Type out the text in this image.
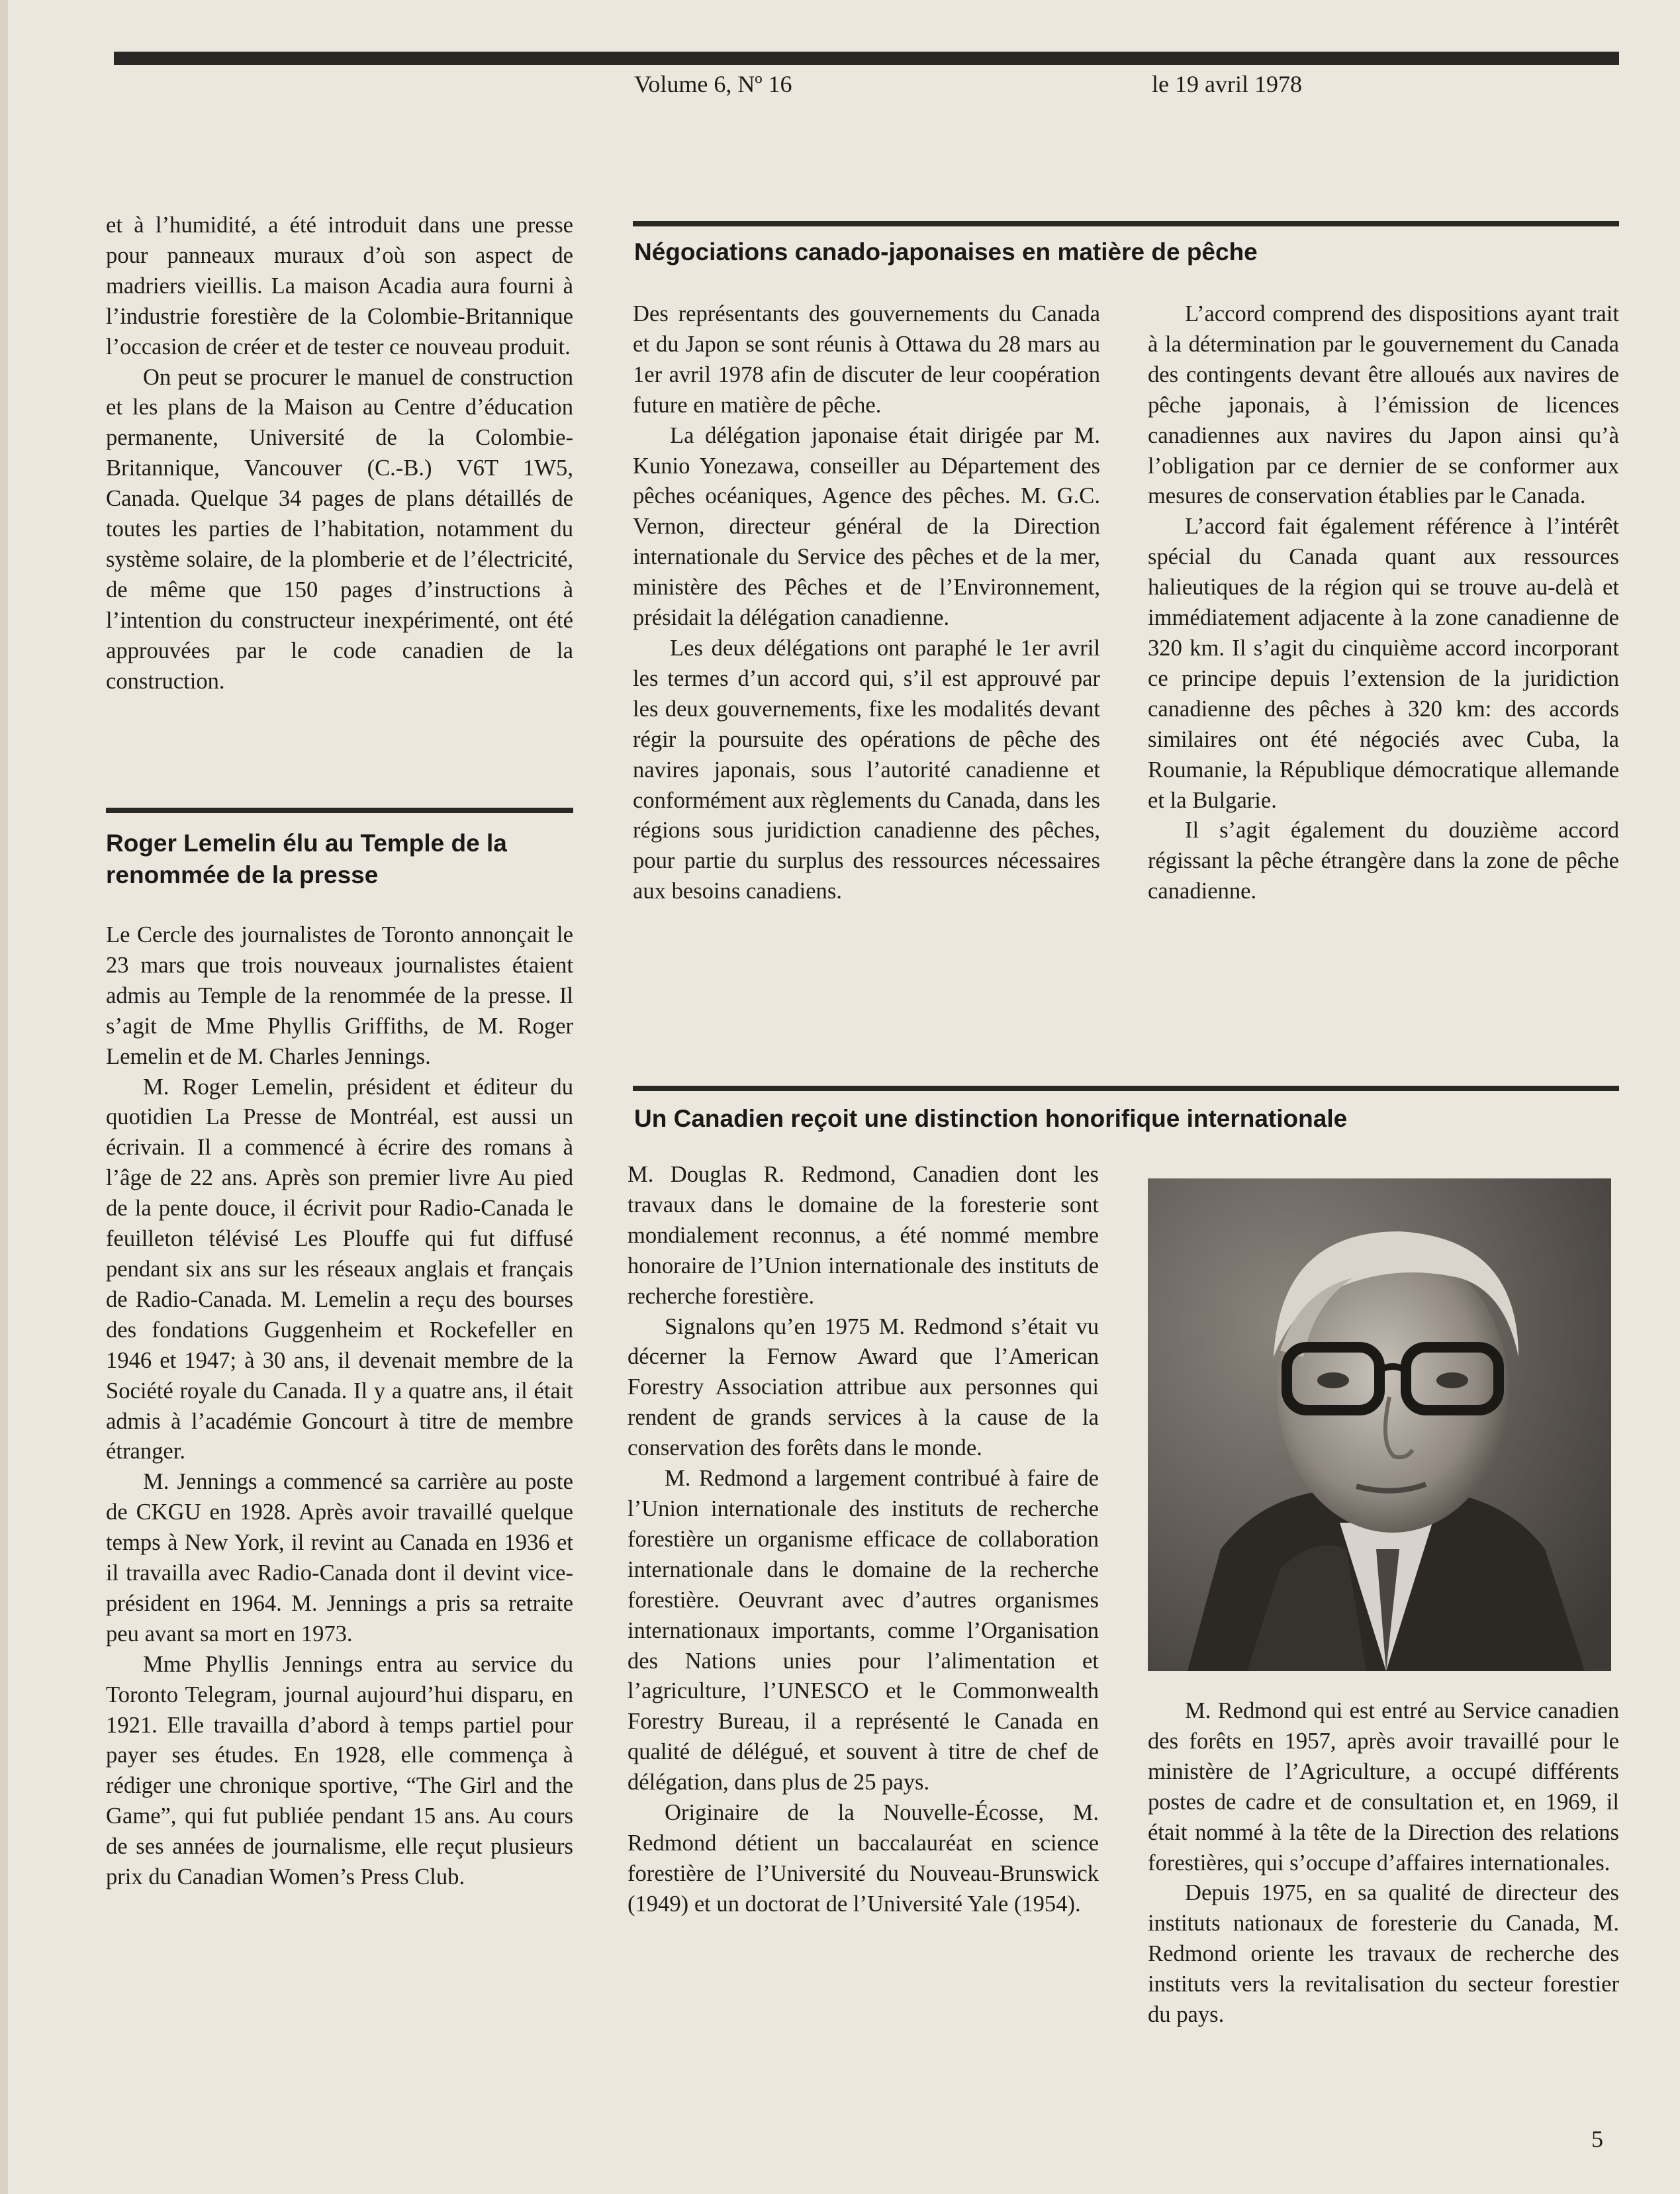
Volume 6, Nº 16	le 19 avril 1978

et à l’humidité, a été introduit dans une presse pour panneaux muraux d’où son aspect de madriers vieillis. La maison Acadia aura fourni à l’industrie forestière de la Colombie-Britannique l’occasion de créer et de tester ce nouveau produit.

On peut se procurer le manuel de construction et les plans de la Maison au Centre d’éducation permanente, Université de la Colombie-Britannique, Vancouver (C.-B.) V6T 1W5, Canada. Quelque 34 pages de plans détaillés de toutes les parties de l’habitation, notamment du système solaire, de la plomberie et de l’électricité, de même que 150 pages d’instructions à l’intention du constructeur inexpérimenté, ont été approuvées par le code canadien de la construction.

Roger Lemelin élu au Temple de la renommée de la presse

Le Cercle des journalistes de Toronto annonçait le 23 mars que trois nouveaux journalistes étaient admis au Temple de la renommée de la presse. Il s’agit de Mme Phyllis Griffiths, de M. Roger Lemelin et de M. Charles Jennings.

M. Roger Lemelin, président et éditeur du quotidien La Presse de Montréal, est aussi un écrivain. Il a commencé à écrire des romans à l’âge de 22 ans. Après son premier livre Au pied de la pente douce, il écrivit pour Radio-Canada le feuilleton télévisé Les Plouffe qui fut diffusé pendant six ans sur les réseaux anglais et français de Radio-Canada. M. Lemelin a reçu des bourses des fondations Guggenheim et Rockefeller en 1946 et 1947; à 30 ans, il devenait membre de la Société royale du Canada. Il y a quatre ans, il était admis à l’académie Goncourt à titre de membre étranger.

M. Jennings a commencé sa carrière au poste de CKGU en 1928. Après avoir travaillé quelque temps à New York, il revint au Canada en 1936 et il travailla avec Radio-Canada dont il devint vice-président en 1964. M. Jennings a pris sa retraite peu avant sa mort en 1973.

Mme Phyllis Jennings entra au service du Toronto Telegram, journal aujourd’hui disparu, en 1921. Elle travailla d’abord à temps partiel pour payer ses études. En 1928, elle commença à rédiger une chronique sportive, “The Girl and the Game”, qui fut publiée pendant 15 ans. Au cours de ses années de journalisme, elle reçut plusieurs prix du Canadian Women’s Press Club.

Négociations canado-japonaises en matière de pêche

Des représentants des gouvernements du Canada et du Japon se sont réunis à Ottawa du 28 mars au 1er avril 1978 afin de discuter de leur coopération future en matière de pêche.

La délégation japonaise était dirigée par M. Kunio Yonezawa, conseiller au Département des pêches océaniques, Agence des pêches. M. G.C. Vernon, directeur général de la Direction internationale du Service des pêches et de la mer, ministère des Pêches et de l’Environnement, présidait la délégation canadienne.

Les deux délégations ont paraphé le 1er avril les termes d’un accord qui, s’il est approuvé par les deux gouvernements, fixe les modalités devant régir la poursuite des opérations de pêche des navires japonais, sous l’autorité canadienne et conformément aux règlements du Canada, dans les régions sous juridiction canadienne des pêches, pour partie du surplus des ressources nécessaires aux besoins canadiens.

L’accord comprend des dispositions ayant trait à la détermination par le gouvernement du Canada des contingents devant être alloués aux navires de pêche japonais, à l’émission de licences canadiennes aux navires du Japon ainsi qu’à l’obligation par ce dernier de se conformer aux mesures de conservation établies par le Canada.

L’accord fait également référence à l’intérêt spécial du Canada quant aux ressources halieutiques de la région qui se trouve au-delà et immédiatement adjacente à la zone canadienne de 320 km. Il s’agit du cinquième accord incorporant ce principe depuis l’extension de la juridiction canadienne des pêches à 320 km: des accords similaires ont été négociés avec Cuba, la Roumanie, la République démocratique allemande et la Bulgarie.

Il s’agit également du douzième accord régissant la pêche étrangère dans la zone de pêche canadienne.

Un Canadien reçoit une distinction honorifique internationale

M. Douglas R. Redmond, Canadien dont les travaux dans le domaine de la foresterie sont mondialement reconnus, a été nommé membre honoraire de l’Union internationale des instituts de recherche forestière.

Signalons qu’en 1975 M. Redmond s’était vu décerner la Fernow Award que l’American Forestry Association attribue aux personnes qui rendent de grands services à la cause de la conservation des forêts dans le monde.

M. Redmond a largement contribué à faire de l’Union internationale des instituts de recherche forestière un organisme efficace de collaboration internationale dans le domaine de la recherche forestière. Oeuvrant avec d’autres organismes internationaux importants, comme l’Organisation des Nations unies pour l’alimentation et l’agriculture, l’UNESCO et le Commonwealth Forestry Bureau, il a représenté le Canada en qualité de délégué, et souvent à titre de chef de délégation, dans plus de 25 pays.

Originaire de la Nouvelle-Écosse, M. Redmond détient un baccalauréat en science forestière de l’Université du Nouveau-Brunswick (1949) et un doctorat de l’Université Yale (1954).

M. Redmond qui est entré au Service canadien des forêts en 1957, après avoir travaillé pour le ministère de l’Agriculture, a occupé différents postes de cadre et de consultation et, en 1969, il était nommé à la tête de la Direction des relations forestières, qui s’occupe d’affaires internationales.

Depuis 1975, en sa qualité de directeur des instituts nationaux de foresterie du Canada, M. Redmond oriente les travaux de recherche des instituts vers la revitalisation du secteur forestier du pays.

5
